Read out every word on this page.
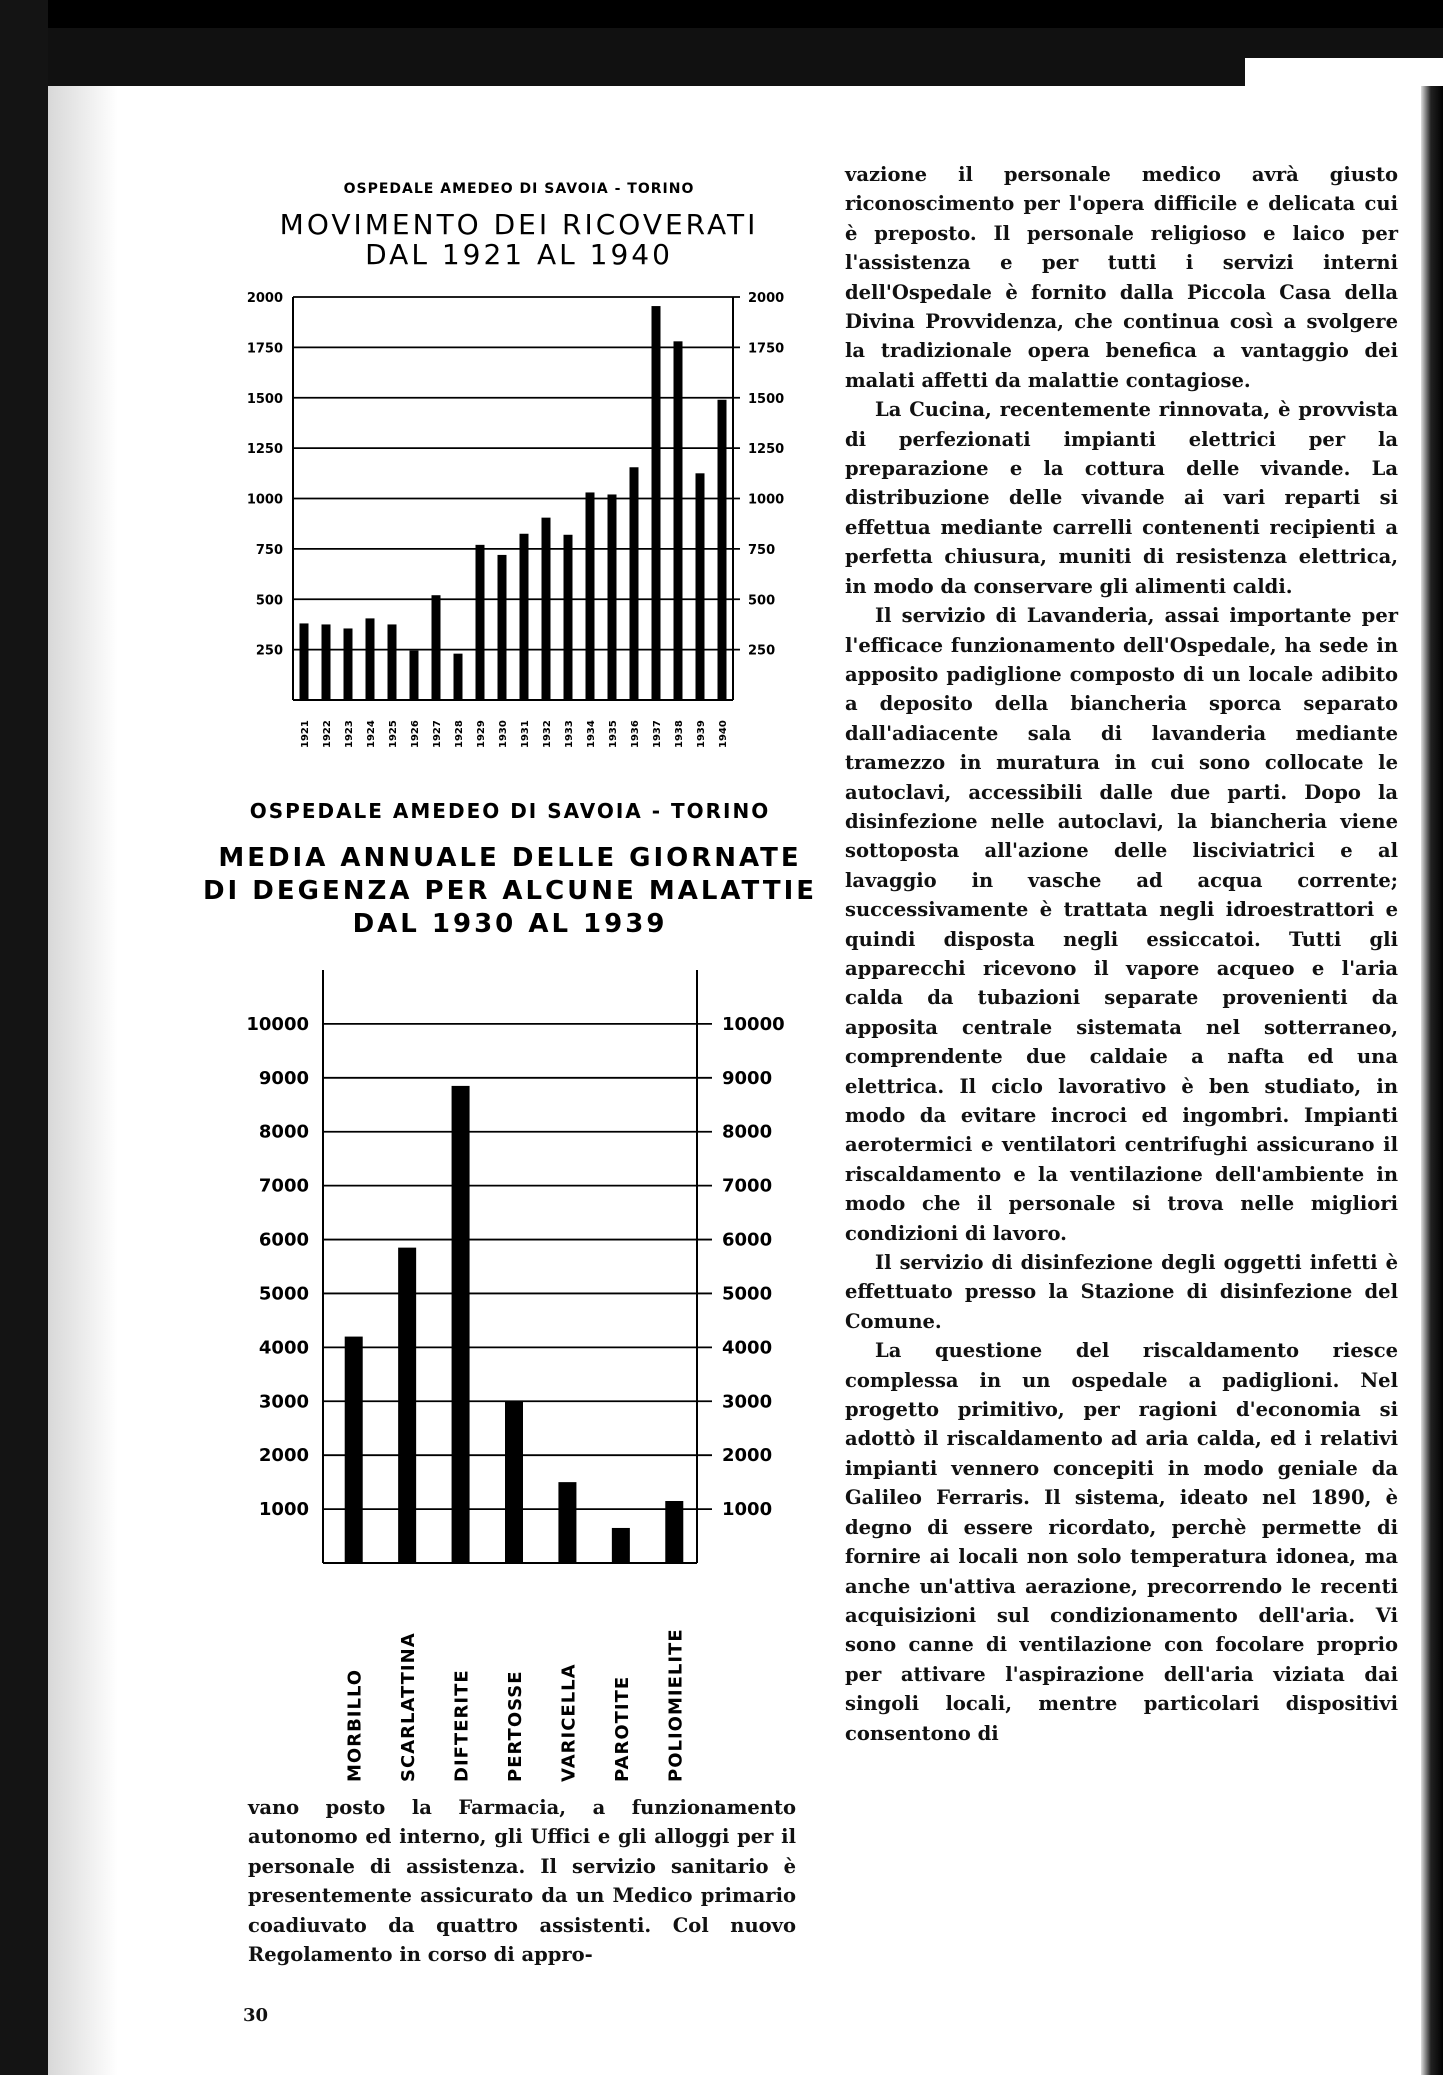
OSPEDALE AMEDEO DI SAVOIA - TORINO
MOVIMENTO DEI RICOVERATI
DAL 1921 AL 1940
250	250
500	500
750	750
1000	1000
1250	1250
1500	1500
1750	1750
2000	2000
1921 1922 1923 1924 1925 1926 1927 1928 1929 1930 1931 1932 1933 1934 1935 1936 1937 1938 1939 1940
OSPEDALE AMEDEO DI SAVOIA - TORINO
MEDIA ANNUALE DELLE GIORNATE
DI DEGENZA PER ALCUNE MALATTIE
DAL 1930 AL 1939
1000	1000
2000	2000
3000	3000
4000	4000
5000	5000
6000	6000
7000	7000
8000	8000
9000	9000
10000	10000
MORBILLO SCARLATTINA DIFTERITE PERTOSSE VARICELLA PAROTITE POLIOMIELITE

vazione il personale medico avrà giusto riconoscimento per l'opera difficile e delicata cui è preposto. Il personale religioso e laico per l'assistenza e per tutti i servizi interni dell'Ospedale è fornito dalla Piccola Casa della Divina Provvidenza, che continua così a svolgere la tradizionale opera benefica a vantaggio dei malati affetti da malattie contagiose.

La Cucina, recentemente rinnovata, è provvista di perfezionati impianti elettrici per la preparazione e la cottura delle vivande. La distribuzione delle vivande ai vari reparti si effettua mediante carrelli contenenti recipienti a perfetta chiusura, muniti di resistenza elettrica, in modo da conservare gli alimenti caldi.

Il servizio di Lavanderia, assai importante per l'efficace funzionamento dell'Ospedale, ha sede in apposito padiglione composto di un locale adibito a deposito della biancheria sporca separato dall'adiacente sala di lavanderia mediante tramezzo in muratura in cui sono collocate le autoclavi, accessibili dalle due parti. Dopo la disinfezione nelle autoclavi, la biancheria viene sottoposta all'azione delle lisciviatrici e al lavaggio in vasche ad acqua corrente; successivamente è trattata negli idroestrattori e quindi disposta negli essiccatoi. Tutti gli apparecchi ricevono il vapore acqueo e l'aria calda da tubazioni separate provenienti da apposita centrale sistemata nel sotterraneo, comprendente due caldaie a nafta ed una elettrica. Il ciclo lavorativo è ben studiato, in modo da evitare incroci ed ingombri. Impianti aerotermici e ventilatori centrifughi assicurano il riscaldamento e la ventilazione dell'ambiente in modo che il personale si trova nelle migliori condizioni di lavoro.

Il servizio di disinfezione degli oggetti infetti è effettuato presso la Stazione di disinfezione del Comune.

La questione del riscaldamento riesce complessa in un ospedale a padiglioni. Nel progetto primitivo, per ragioni d'economia si adottò il riscaldamento ad aria calda, ed i relativi impianti vennero concepiti in modo geniale da Galileo Ferraris. Il sistema, ideato nel 1890, è degno di essere ricordato, perchè permette di fornire ai locali non solo temperatura idonea, ma anche un'attiva aerazione, precorrendo le recenti acquisizioni sul condizionamento dell'aria. Vi sono canne di ventilazione con focolare proprio per attivare l'aspirazione dell'aria viziata dai singoli locali, mentre particolari dispositivi consentono di

vano posto la Farmacia, a funzionamento autonomo ed interno, gli Uffici e gli alloggi per il personale di assistenza. Il servizio sanitario è presentemente assicurato da un Medico primario coadiuvato da quattro assistenti. Col nuovo Regolamento in corso di appro-

30
